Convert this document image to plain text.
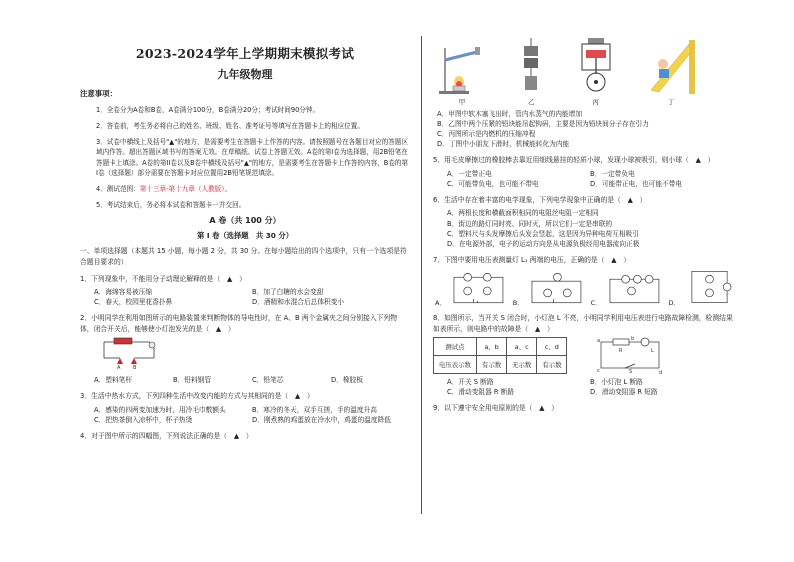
2023-2024学年上学期期末模拟考试
九年级物理
注意事项：
1．全卷分为A卷和B卷，A卷满分100分，B卷满分20分；考试时间90分钟。
2．答卷前，考生务必将自己的姓名、班级、姓名、准考证号等填写在答题卡上的相应位置。
3．试卷中横线上及括号"▲"的地方，是需要考生在答题卡上作答的内容。请按照题号在各题目对应的答题区域内作答。超出答题区域书写的答案无效。在草稿纸、试卷上答题无效。A卷的第I卷为选择题，用2B铅笔在答题卡上填涂。A卷的第II卷以及B卷中横线及括号"▲"的地方，是需要考生在答题卡上作答的内容，B卷的第I卷（选择题）部分需要在答题卡对应位置用2B铅笔规范填涂。
4．测试范围：第十三章-第十九章（人教版）。
5．考试结束后，务必将本试卷和答题卡一并交回。
A 卷（共 100 分）
第 I 卷（选择题　共 30 分）
一、单项选择题（本题共 15 小题，每小题 2 分，共 30 分。在每小题给出的四个选项中，只有一个选项是符合题目要求的）
1．下列现象中，不能用分子动理论解释的是（　▲　）
A．海绵容易被压缩	B．加了白糖的水会变甜
C．春天，校园里花香扑鼻	D．酒精和水混合后总体积变小
2．小明同学在利用如图所示的电路装置来判断物体的导电性时，在 A、B 两个金属夹之间分别接入下列物体，闭合开关后，能够使小灯泡发光的是（　▲　）
A	B
A．塑料笔杆	B．铅料钢管	C．铅笔芯	D．橡胶板
3．生活中热水方式，下列四种生活中改变内能的方式与其相同的是（　▲　）
A．感染的四两变加速为时，用冷毛巾敷额头	B．寒冷的冬天，双手互搓，手的温度升高
C．把热茶倒入凉杯中，杯子热烫	D．刚煮熟的鸡蛋放在冷水中，鸡蛋的温度降低
4．对于图中所示的四幅图，下列说法正确的是（　▲　）
甲	乙	丙	丁
A．甲图中软木塞飞出时，管内水蒸气的内能增加
B．乙图中两个压紧的铅块能吊起钩码，主要是因为铅块间分子存在引力
C．丙图所示是内燃机的压缩冲程
D．丁图中小朋友下滑时，机械能转化为内能
5．用毛皮摩擦过的橡胶棒去靠近用细线悬挂的轻质小球，发现小球被吸引，则小球（　▲　）
A．一定带正电	B．一定带负电
C．可能带负电，也可能不带电	D．可能带正电，也可能不带电
6．生活中存在着丰富的电学现象，下列电学现象中正确的是（　▲　）
A．两根长度和横截面积相同的电阻丝电阻一定相同
B．街边的路灯同时亮、同时灭，所以它们一定是串联的
C．塑料尺与头发摩擦后头发会竖起，这是因为异种电荷互相吸引
D．在电源外部，电子的运动方向是从电源负极经用电器流向正极
7．下图中要用电压表测量灯 L₁ 两端的电压，正确的是（　▲　）
A．	B．	C．	D．
8．如图所示，当开关 S 闭合时，小灯泡 L 不亮，小明同学利用电压表进行电路故障检测，检测结果如表所示，则电路中的故障是（　▲　）
测试点	a、b	a、c	c、d
电压表示数	有示数	无示数	有示数
a	b
c	d
R
S
L
A．开关 S 断路	B．小灯泡 L 断路
C．滑动变阻器 R 断路	D．滑动变阻器 R 短路
9．以下遵守安全用电原则的是（　▲　）
